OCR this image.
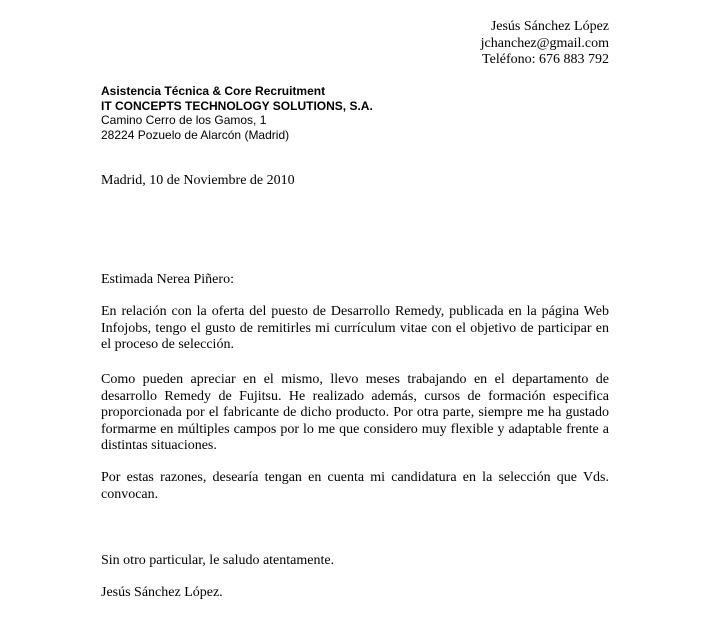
Jesús Sánchez López
jchanchez@gmail.com
Teléfono: 676 883 792
Asistencia Técnica & Core Recruitment
IT CONCEPTS TECHNOLOGY SOLUTIONS, S.A.
Camino Cerro de los Gamos, 1
28224 Pozuelo de Alarcón (Madrid)
Madrid, 10 de Noviembre de 2010
Estimada Nerea Piñero:

En relación con la oferta del puesto de Desarrollo Remedy, publicada en la página Web Infojobs, tengo el gusto de remitirles mi currículum vitae con el objetivo de participar en el proceso de selección.

Como pueden apreciar en el mismo, llevo meses trabajando en el departamento de desarrollo Remedy de Fujitsu. He realizado además, cursos de formación especifica proporcionada por el fabricante de dicho producto. Por otra parte, siempre me ha gustado formarme en múltiples campos por lo me que considero muy flexible y adaptable frente a distintas situaciones.

Por estas razones, desearía tengan en cuenta mi candidatura en la selección que Vds. convocan.

Sin otro particular, le saludo atentamente.
Jesús Sánchez López.
